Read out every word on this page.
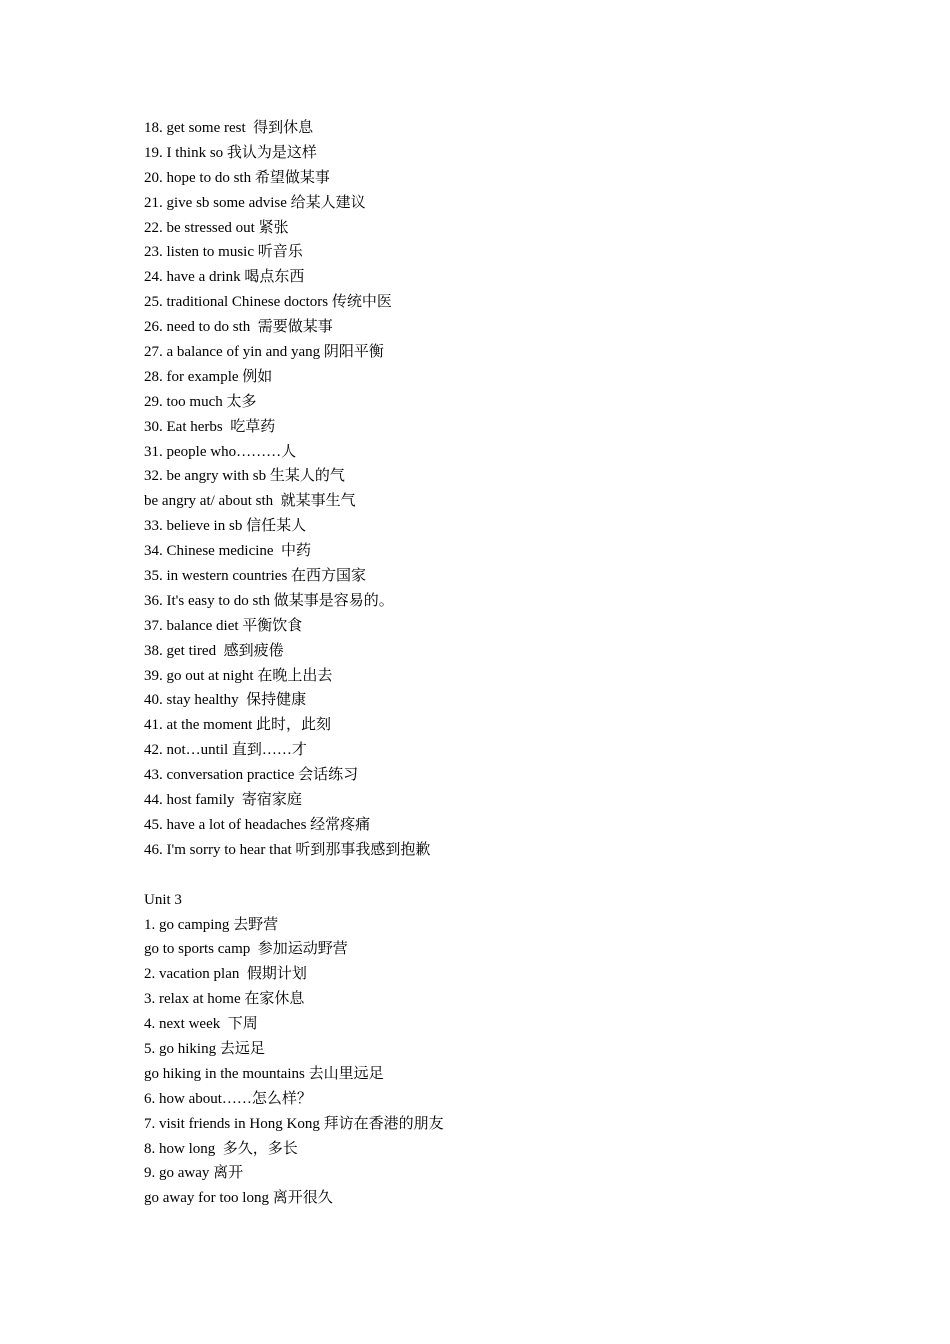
18. get some rest  得到休息
19. I think so 我认为是这样
20. hope to do sth 希望做某事
21. give sb some advise 给某人建议
22. be stressed out 紧张
23. listen to music 听音乐
24. have a drink 喝点东西
25. traditional Chinese doctors 传统中医
26. need to do sth  需要做某事
27. a balance of yin and yang 阴阳平衡
28. for example 例如
29. too much 太多
30. Eat herbs  吃草药
31. people who………人
32. be angry with sb 生某人的气
be angry at/ about sth  就某事生气
33. believe in sb 信任某人
34. Chinese medicine  中药
35. in western countries 在西方国家
36. It's easy to do sth 做某事是容易的。
37. balance diet 平衡饮食
38. get tired  感到疲倦
39. go out at night 在晚上出去
40. stay healthy  保持健康
41. at the moment 此时，此刻
42. not…until 直到……才
43. conversation practice 会话练习
44. host family  寄宿家庭
45. have a lot of headaches 经常疼痛
46. I'm sorry to hear that 听到那事我感到抱歉
Unit 3
1. go camping 去野营
go to sports camp  参加运动野营
2. vacation plan  假期计划
3. relax at home 在家休息
4. next week  下周
5. go hiking 去远足
go hiking in the mountains 去山里远足
6. how about……怎么样？
7. visit friends in Hong Kong 拜访在香港的朋友
8. how long  多久，多长
9. go away 离开
go away for too long 离开很久
